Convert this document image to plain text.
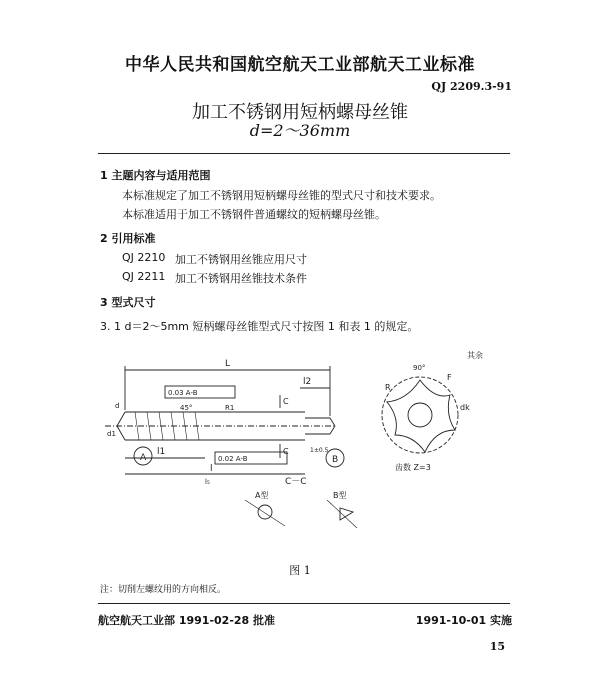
中华人民共和国航空航天工业部航天工业标准
QJ 2209.3-91
加工不锈钢用短柄螺母丝锥
d=2～36mm
1 主题内容与适用范围
本标准规定了加工不锈钢用短柄螺母丝锥的型式尺寸和技术要求。
本标准适用于加工不锈钢件普通螺纹的短柄螺母丝锥。
2 引用标准
QJ 2210 加工不锈钢用丝锥应用尺寸
QJ 2211 加工不锈钢用丝锥技术条件
3 型式尺寸
3. 1 d＝2～5mm 短柄螺母丝锥型式尺寸按图 1 和表 1 的规定。
L
l2
l1
l
0.03 A-B
0.02 A-B
R1
45°
C
C
A	B
C－C
A型	B型
l₅
d1
d
其余
齿数 Z=3
R
dk
F
90°
1±0.5
图 1
注：切削左螺纹用的方向相反。
航空航天工业部 1991-02-28 批准	1991-10-01 实施
15
